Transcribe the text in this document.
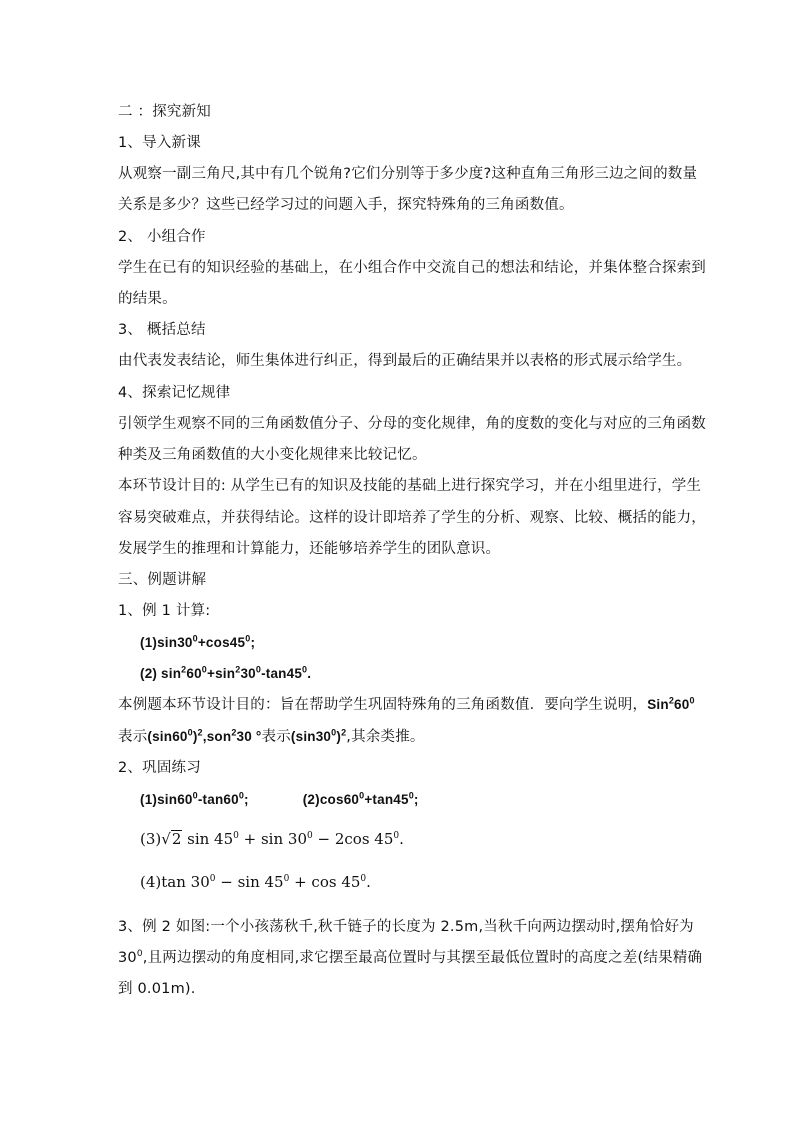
二 ：探究新知
1、导入新课
从观察一副三角尺,其中有几个锐角?它们分别等于多少度?这种直角三角形三边之间的数量
关系是多少？这些已经学习过的问题入手，探究特殊角的三角函数值。
2、 小组合作
学生在已有的知识经验的基础上，在小组合作中交流自己的想法和结论，并集体整合探索到
的结果。
3、 概括总结
由代表发表结论，师生集体进行纠正，得到最后的正确结果并以表格的形式展示给学生。
4、探索记忆规律
引领学生观察不同的三角函数值分子、分母的变化规律，角的度数的变化与对应的三角函数
种类及三角函数值的大小变化规律来比较记忆。
本环节设计目的: 从学生已有的知识及技能的基础上进行探究学习，并在小组里进行，学生
容易突破难点，并获得结论。这样的设计即培养了学生的分析、观察、比较、概括的能力，
发展学生的推理和计算能力，还能够培养学生的团队意识。
三、例题讲解
1、例 1 计算:
$(1)\sin 30^0+\cos 45^0$;
(2) $\sin^260^0+\sin^230^0-\tan 45^0$.
本例题本环节设计目的：旨在帮助学生巩固特殊角的三角函数值．要向学生说明，$Sin^260^0$
表示$(\sin 60^0)^2,son^230$ °表示$(\sin 30^0)^2$,其余类推。
2、巩固练习
$(1)\sin 60^0-\tan 60^0$;	$(2)\cos 60^0+\tan 45^0$;
(3)√2 $\sin 45^0 + \sin 30^0 - 2\cos$ $45^0$.
(4)tan $30^0 - \sin 45^0 + \cos 45^0$.
3、例 2 如图:一个小孩荡秋千,秋千链子的长度为 2.5m,当秋千向两边摆动时,摆角恰好为
$30^0$,且两边摆动的角度相同,求它摆至最高位置时与其摆至最低位置时的高度之差(结果精确
到 0.01m).
